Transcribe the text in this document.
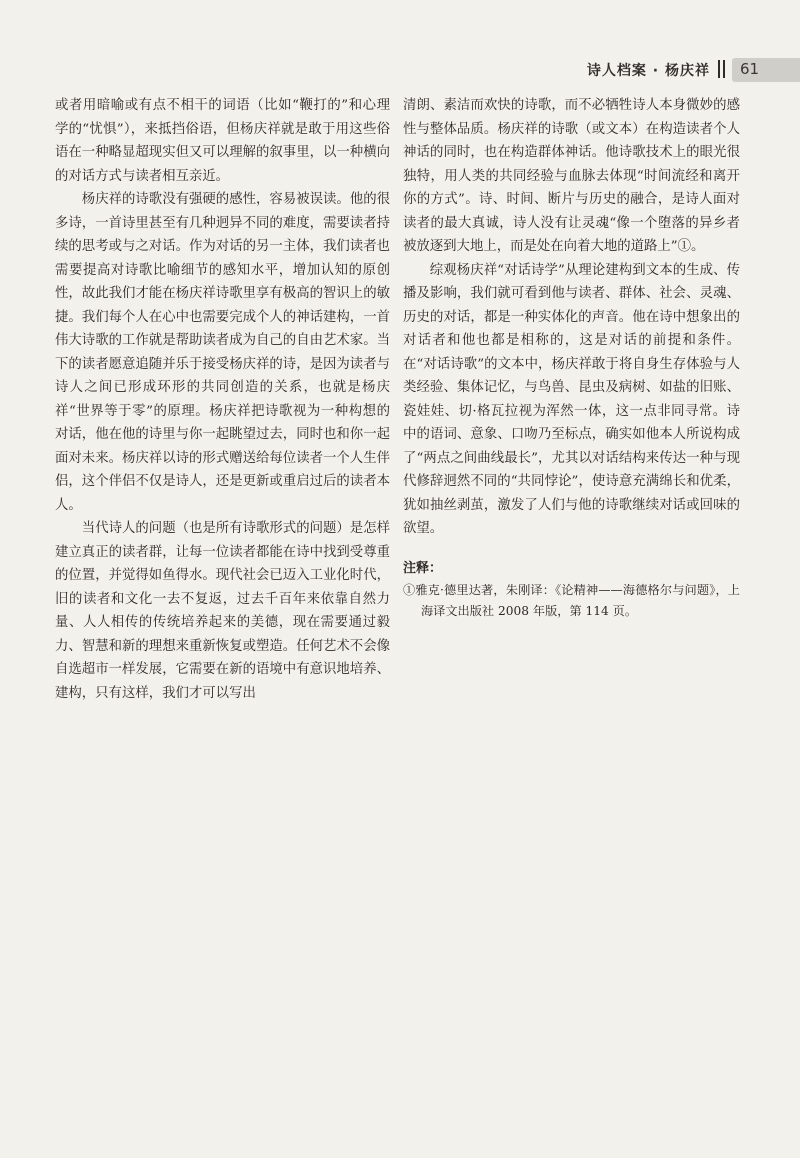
诗人档案 · 杨庆祥 61

或者用暗喻或有点不相干的词语（比如“鞭打的”和心理学的“忧惧”），来抵挡俗语，但杨庆祥就是敢于用这些俗语在一种略显超现实但又可以理解的叙事里，以一种横向的对话方式与读者相互亲近。

杨庆祥的诗歌没有强硬的感性，容易被误读。他的很多诗，一首诗里甚至有几种迥异不同的难度，需要读者持续的思考或与之对话。作为对话的另一主体，我们读者也需要提高对诗歌比喻细节的感知水平，增加认知的原创性，故此我们才能在杨庆祥诗歌里享有极高的智识上的敏捷。我们每个人在心中也需要完成个人的神话建构，一首伟大诗歌的工作就是帮助读者成为自己的自由艺术家。当下的读者愿意追随并乐于接受杨庆祥的诗，是因为读者与诗人之间已形成环形的共同创造的关系，也就是杨庆祥“世界等于零”的原理。杨庆祥把诗歌视为一种构想的对话，他在他的诗里与你一起眺望过去，同时也和你一起面对未来。杨庆祥以诗的形式赠送给每位读者一个人生伴侣，这个伴侣不仅是诗人，还是更新或重启过后的读者本人。

当代诗人的问题（也是所有诗歌形式的问题）是怎样建立真正的读者群，让每一位读者都能在诗中找到受尊重的位置，并觉得如鱼得水。现代社会已迈入工业化时代，旧的读者和文化一去不复返，过去千百年来依靠自然力量、人人相传的传统培养起来的美德，现在需要通过毅力、智慧和新的理想来重新恢复或塑造。任何艺术不会像自选超市一样发展，它需要在新的语境中有意识地培养、建构，只有这样，我们才可以写出

清朗、素洁而欢快的诗歌，而不必牺牲诗人本身微妙的感性与整体品质。杨庆祥的诗歌（或文本）在构造读者个人神话的同时，也在构造群体神话。他诗歌技术上的眼光很独特，用人类的共同经验与血脉去体现“时间流经和离开你的方式”。诗、时间、断片与历史的融合，是诗人面对读者的最大真诚，诗人没有让灵魂“像一个堕落的异乡者被放逐到大地上，而是处在向着大地的道路上”①。

综观杨庆祥“对话诗学”从理论建构到文本的生成、传播及影响，我们就可看到他与读者、群体、社会、灵魂、历史的对话，都是一种实体化的声音。他在诗中想象出的对话者和他也都是相称的，这是对话的前提和条件。在“对话诗歌”的文本中，杨庆祥敢于将自身生存体验与人类经验、集体记忆，与鸟兽、昆虫及病树、如盐的旧账、瓷娃娃、切·格瓦拉视为浑然一体，这一点非同寻常。诗中的语词、意象、口吻乃至标点，确实如他本人所说构成了“两点之间曲线最长”，尤其以对话结构来传达一种与现代修辞迥然不同的“共同悖论”，使诗意充满绵长和优柔，犹如抽丝剥茧，激发了人们与他的诗歌继续对话或回味的欲望。

注释：
①雅克·德里达著，朱刚译：《论精神——海德格尔与问题》，上海译文出版社 2008 年版，第 114 页。
